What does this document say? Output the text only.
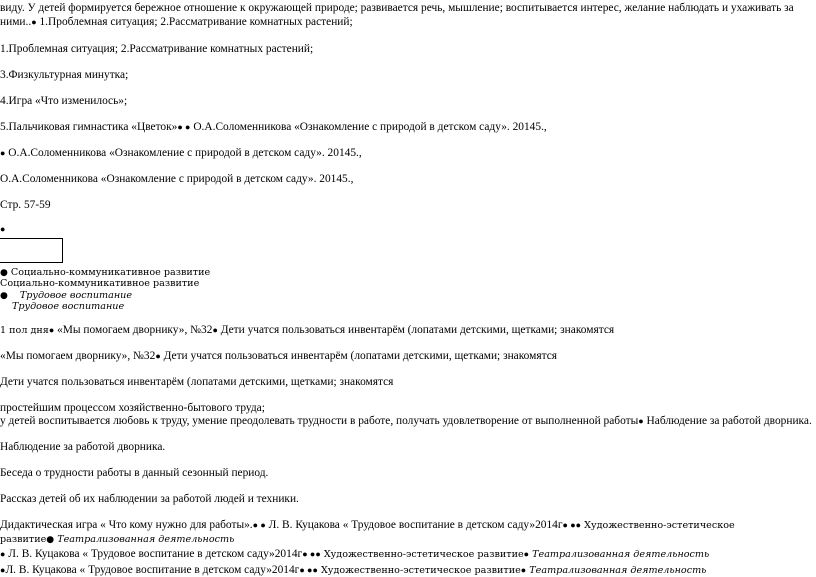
виду. У детей формируется бережное отношение к окружающей природе; развивается речь, мышление; воспитывается интерес, желание наблюдать и ухаживать за
ними..● 1.Проблемная ситуация; 2.Рассматривание комнатных растений;
1.Проблемная ситуация; 2.Рассматривание комнатных растений;
3.Физкультурная минутка;
4.Игра «Что изменилось»;
5.Пальчиковая гимнастика «Цветок»● ● О.А.Соломенникова «Ознакомление с природой в детском саду». 20145.,
● О.А.Соломенникова «Ознакомление с природой в детском саду». 20145.,
О.А.Соломенникова «Ознакомление с природой в детском саду». 20145.,
Стр. 57-59
●
● Социально-коммуникативное развитие
Социально-коммуникативное развитие
● Трудовое воспитание
Трудовое воспитание
1 пол дня● «Мы помогаем дворнику», №32● Дети учатся пользоваться инвентарём (лопатами детскими, щетками; знакомятся
«Мы помогаем дворнику», №32● Дети учатся пользоваться инвентарём (лопатами детскими, щетками; знакомятся
Дети учатся пользоваться инвентарём (лопатами детскими, щетками; знакомятся
простейшим процессом хозяйственно-бытового труда;
у детей воспитывается любовь к труду, умение преодолевать трудности в работе, получать удовлетворение от выполненной работы● Наблюдение за работой дворника.
Наблюдение за работой дворника.
Беседа о трудности работы в данный сезонный период.
Рассказ детей об их наблюдении за работой людей и техники.
Дидактическая игра « Что кому нужно для работы».● ● Л. В. Куцакова « Трудовое воспитание в детском саду»2014г● ●● Художественно-эстетическое
развитие● Театрализованная деятельность
● Л. В. Куцакова « Трудовое воспитание в детском саду»2014г● ●● Художественно-эстетическое развитие● Театрализованная деятельность
●Л. В. Куцакова « Трудовое воспитание в детском саду»2014г● ●● Художественно-эстетическое развитие● Театрализованная деятельность
